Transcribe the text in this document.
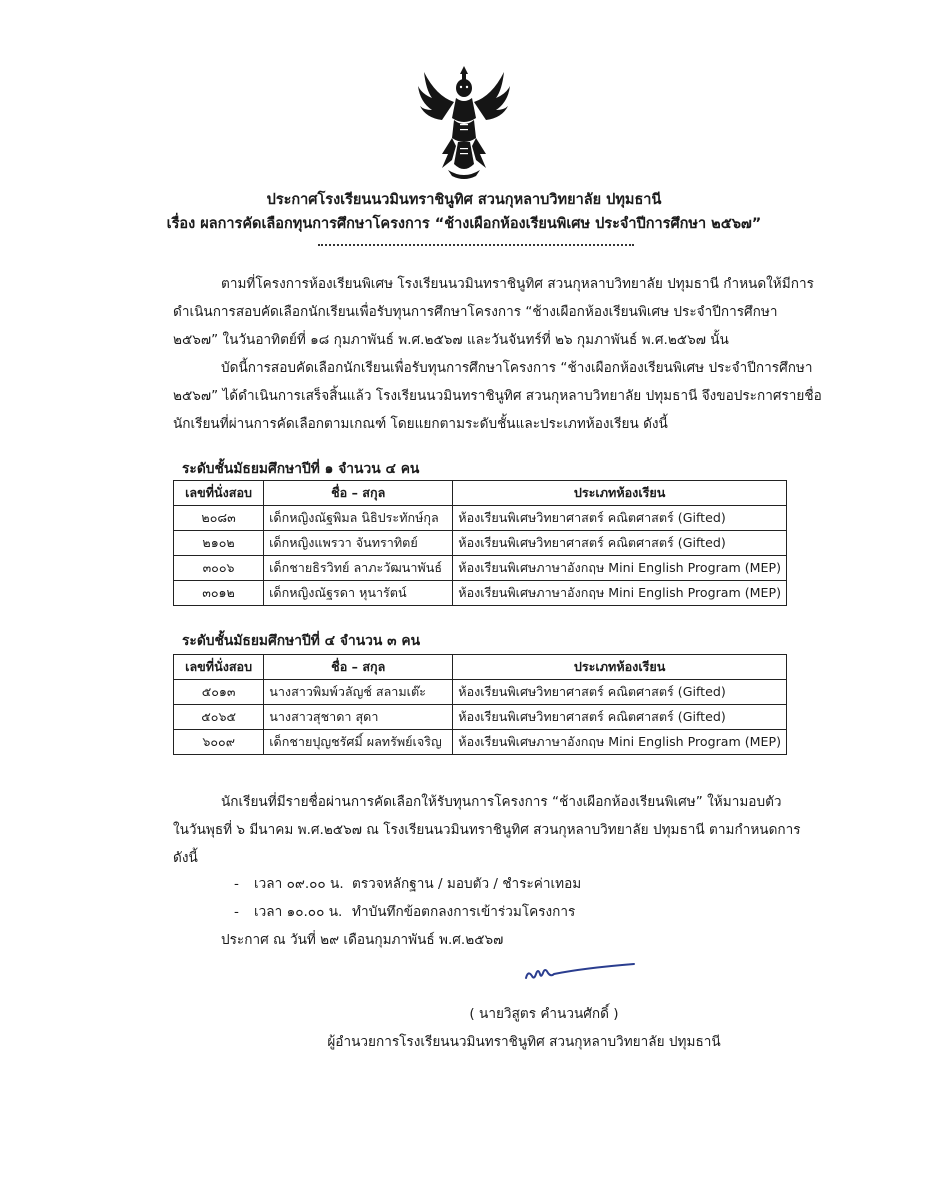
ประกาศโรงเรียนนวมินทราชินูทิศ สวนกุหลาบวิทยาลัย ปทุมธานี
เรื่อง ผลการคัดเลือกทุนการศึกษาโครงการ “ช้างเผือกห้องเรียนพิเศษ ประจำปีการศึกษา ๒๕๖๗”
ตามที่โครงการห้องเรียนพิเศษ โรงเรียนนวมินทราชินูทิศ สวนกุหลาบวิทยาลัย ปทุมธานี กำหนดให้มีการ
ดำเนินการสอบคัดเลือกนักเรียนเพื่อรับทุนการศึกษาโครงการ “ช้างเผือกห้องเรียนพิเศษ ประจำปีการศึกษา
๒๕๖๗” ในวันอาทิตย์ที่ ๑๘ กุมภาพันธ์ พ.ศ.๒๕๖๗ และวันจันทร์ที่ ๒๖ กุมภาพันธ์ พ.ศ.๒๕๖๗ นั้น
บัดนี้การสอบคัดเลือกนักเรียนเพื่อรับทุนการศึกษาโครงการ “ช้างเผือกห้องเรียนพิเศษ ประจำปีการศึกษา
๒๕๖๗” ได้ดำเนินการเสร็จสิ้นแล้ว โรงเรียนนวมินทราชินูทิศ สวนกุหลาบวิทยาลัย ปทุมธานี จึงขอประกาศรายชื่อ
นักเรียนที่ผ่านการคัดเลือกตามเกณฑ์ โดยแยกตามระดับชั้นและประเภทห้องเรียน ดังนี้
ระดับชั้นมัธยมศึกษาปีที่ ๑ จำนวน ๔ คน
เลขที่นั่งสอบ	ชื่อ – สกุล	ประเภทห้องเรียน
๒๐๘๓	เด็กหญิงณัฐพิมล นิธิประทักษ์กุล	ห้องเรียนพิเศษวิทยาศาสตร์ คณิตศาสตร์ (Gifted)
๒๑๐๒	เด็กหญิงแพรวา จันทราทิตย์	ห้องเรียนพิเศษวิทยาศาสตร์ คณิตศาสตร์ (Gifted)
๓๐๐๖	เด็กชายธิรวิทย์ ลาภะวัฒนาพันธ์	ห้องเรียนพิเศษภาษาอังกฤษ Mini English Program (MEP)
๓๐๑๒	เด็กหญิงณัฐรดา หุนารัตน์	ห้องเรียนพิเศษภาษาอังกฤษ Mini English Program (MEP)
ระดับชั้นมัธยมศึกษาปีที่ ๔ จำนวน ๓ คน
เลขที่นั่งสอบ	ชื่อ – สกุล	ประเภทห้องเรียน
๕๐๑๓	นางสาวพิมพ์วลัญช์ สลามเต๊ะ	ห้องเรียนพิเศษวิทยาศาสตร์ คณิตศาสตร์ (Gifted)
๕๐๖๕	นางสาวสุชาดา สุดา	ห้องเรียนพิเศษวิทยาศาสตร์ คณิตศาสตร์ (Gifted)
๖๐๐๙	เด็กชายปุญชรัศมิ์ ผลทรัพย์เจริญ	ห้องเรียนพิเศษภาษาอังกฤษ Mini English Program (MEP)
นักเรียนที่มีรายชื่อผ่านการคัดเลือกให้รับทุนการโครงการ “ช้างเผือกห้องเรียนพิเศษ” ให้มามอบตัว
ในวันพุธที่ ๖ มีนาคม พ.ศ.๒๕๖๗ ณ โรงเรียนนวมินทราชินูทิศ สวนกุหลาบวิทยาลัย ปทุมธานี ตามกำหนดการ
ดังนี้
- เวลา ๐๙.๐๐ น. ตรวจหลักฐาน / มอบตัว / ชำระค่าเทอม
- เวลา ๑๐.๐๐ น. ทำบันทึกข้อตกลงการเข้าร่วมโครงการ
ประกาศ ณ วันที่ ๒๙ เดือนกุมภาพันธ์ พ.ศ.๒๕๖๗
( นายวิสูตร คำนวนศักดิ์ )
ผู้อำนวยการโรงเรียนนวมินทราชินูทิศ สวนกุหลาบวิทยาลัย ปทุมธานี
